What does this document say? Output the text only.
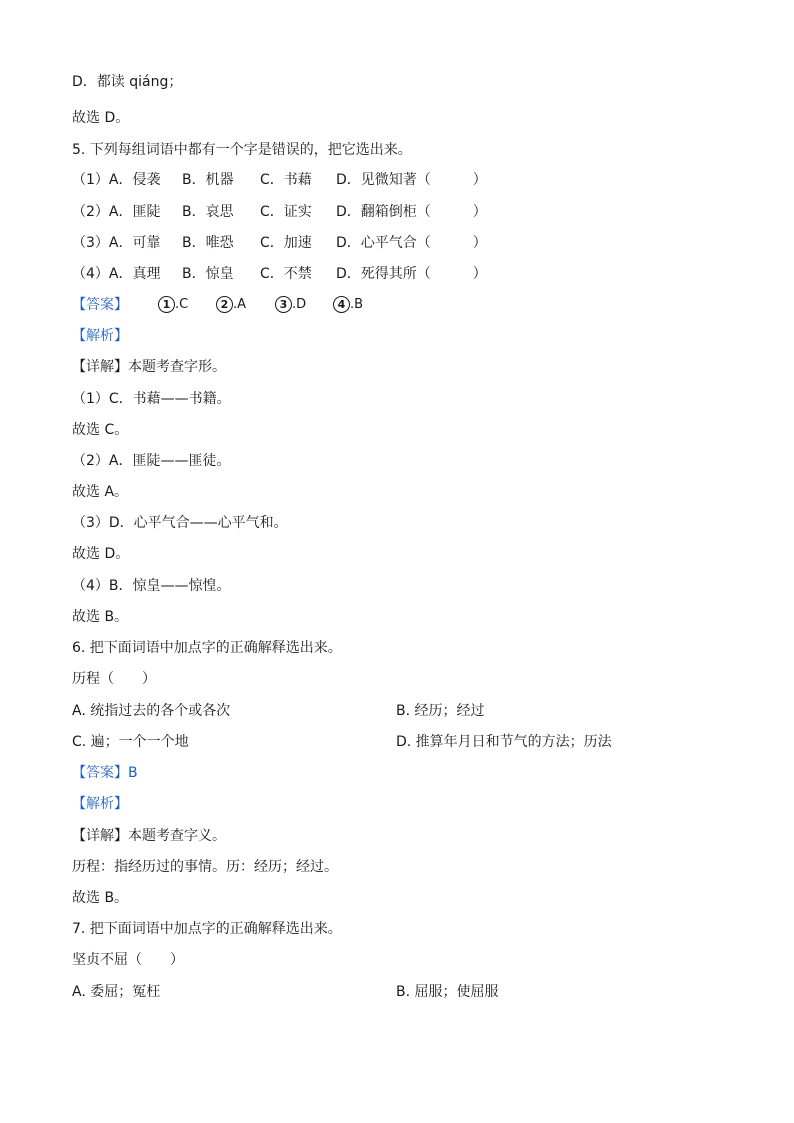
D．都读 qiáng；
故选 D。
5. 下列每组词语中都有一个字是错误的，把它选出来。
（1）A．侵袭 B．机器 C．书藉 D．见微知著（　　　）
（2）A．匪陡 B．哀思 C．证实 D．翻箱倒柜（　　　）
（3）A．可靠 B．唯恐 C．加速 D．心平气合（　　　）
（4）A．真理 B．惊皇 C．不禁 D．死得其所（　　　）
【答案】	1 .C	2 .A	3 .D	4 .B
【解析】
【详解】本题考查字形。
（1）C．书藉——书籍。
故选 C。
（2）A．匪陡——匪徒。
故选 A。
（3）D．心平气合——心平气和。
故选 D。
（4）B．惊皇——惊惶。
故选 B。
6. 把下面词语中加点字的正确解释选出来。
历程（　　）
A. 统指过去的各个或各次	B. 经历；经过
C. 遍；一个一个地	D. 推算年月日和节气的方法；历法
【答案】B
【解析】
【详解】本题考查字义。
历程：指经历过的事情。历：经历；经过。
故选 B。
7. 把下面词语中加点字的正确解释选出来。
坚贞不屈（　　）
A. 委屈；冤枉	B. 屈服；使屈服
